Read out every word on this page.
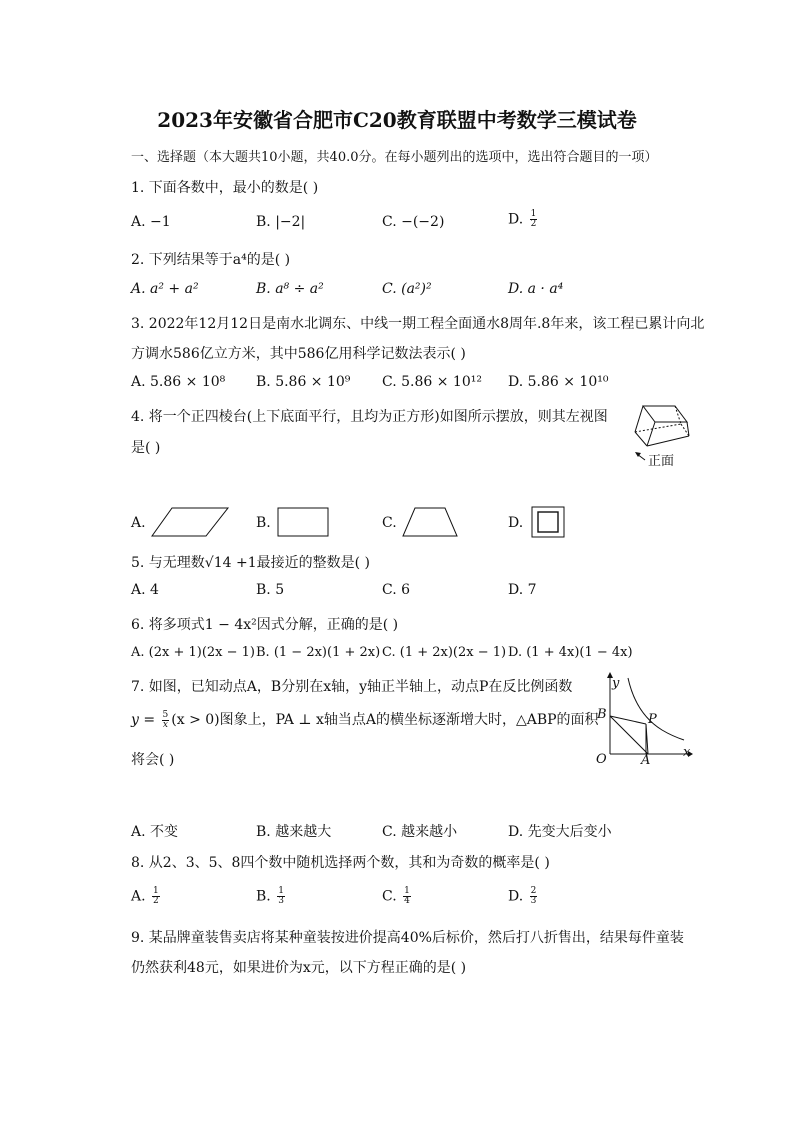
2023年安徽省合肥市C20教育联盟中考数学三模试卷
一、选择题（本大题共10小题，共40.0分。在每小题列出的选项中，选出符合题目的一项）
1. 下面各数中，最小的数是( )
A. −1	B. |−2|	C. −(−2)	D. $\frac{1}{2}$
2. 下列结果等于a⁴的是( )
A. a² + a²	B. a⁸ ÷ a²	C. (a²)²	D. a · a⁴
3. 2022年12月12日是南水北调东、中线一期工程全面通水8周年.8年来，该工程已累计向北
方调水586亿立方米，其中586亿用科学记数法表示( )
A. 5.86 × 10⁸ B. 5.86 × 10⁹ C. 5.86 × 10¹² D. 5.86 × 10¹⁰
4. 将一个正四棱台(上下底面平行，且均为正方形)如图所示摆放，则其左视图
是( )
正面
A.	B.	C.	D.
5. 与无理数√14 +1最接近的整数是( )
A. 4	B. 5	C. 6	D. 7
6. 将多项式1 − 4x²因式分解，正确的是( )
A. (2x + 1)(2x − 1) B. (1 − 2x)(1 + 2x) C. (1 + 2x)(2x − 1) D. (1 + 4x)(1 − 4x)
7. 如图，已知动点A，B分别在x轴，y轴正半轴上，动点P在反比例函数
$y = \frac{5}{x} (x > 0)$图象上，PA ⊥ x轴当点A的横坐标逐渐增大时，△ABP的面积
将会( )
y
x
B	P
O	A
A. 不变	B. 越来越大	C. 越来越小	D. 先变大后变小
8. 从2、3、5、8四个数中随机选择两个数，其和为奇数的概率是( )
A. $\frac{1}{2}$	B. $\frac{1}{3}$	C. $\frac{1}{4}$	D. $\frac{2}{3}$
9. 某品牌童装售卖店将某种童装按进价提高40%后标价，然后打八折售出，结果每件童装
仍然获利48元，如果进价为x元，以下方程正确的是( )
